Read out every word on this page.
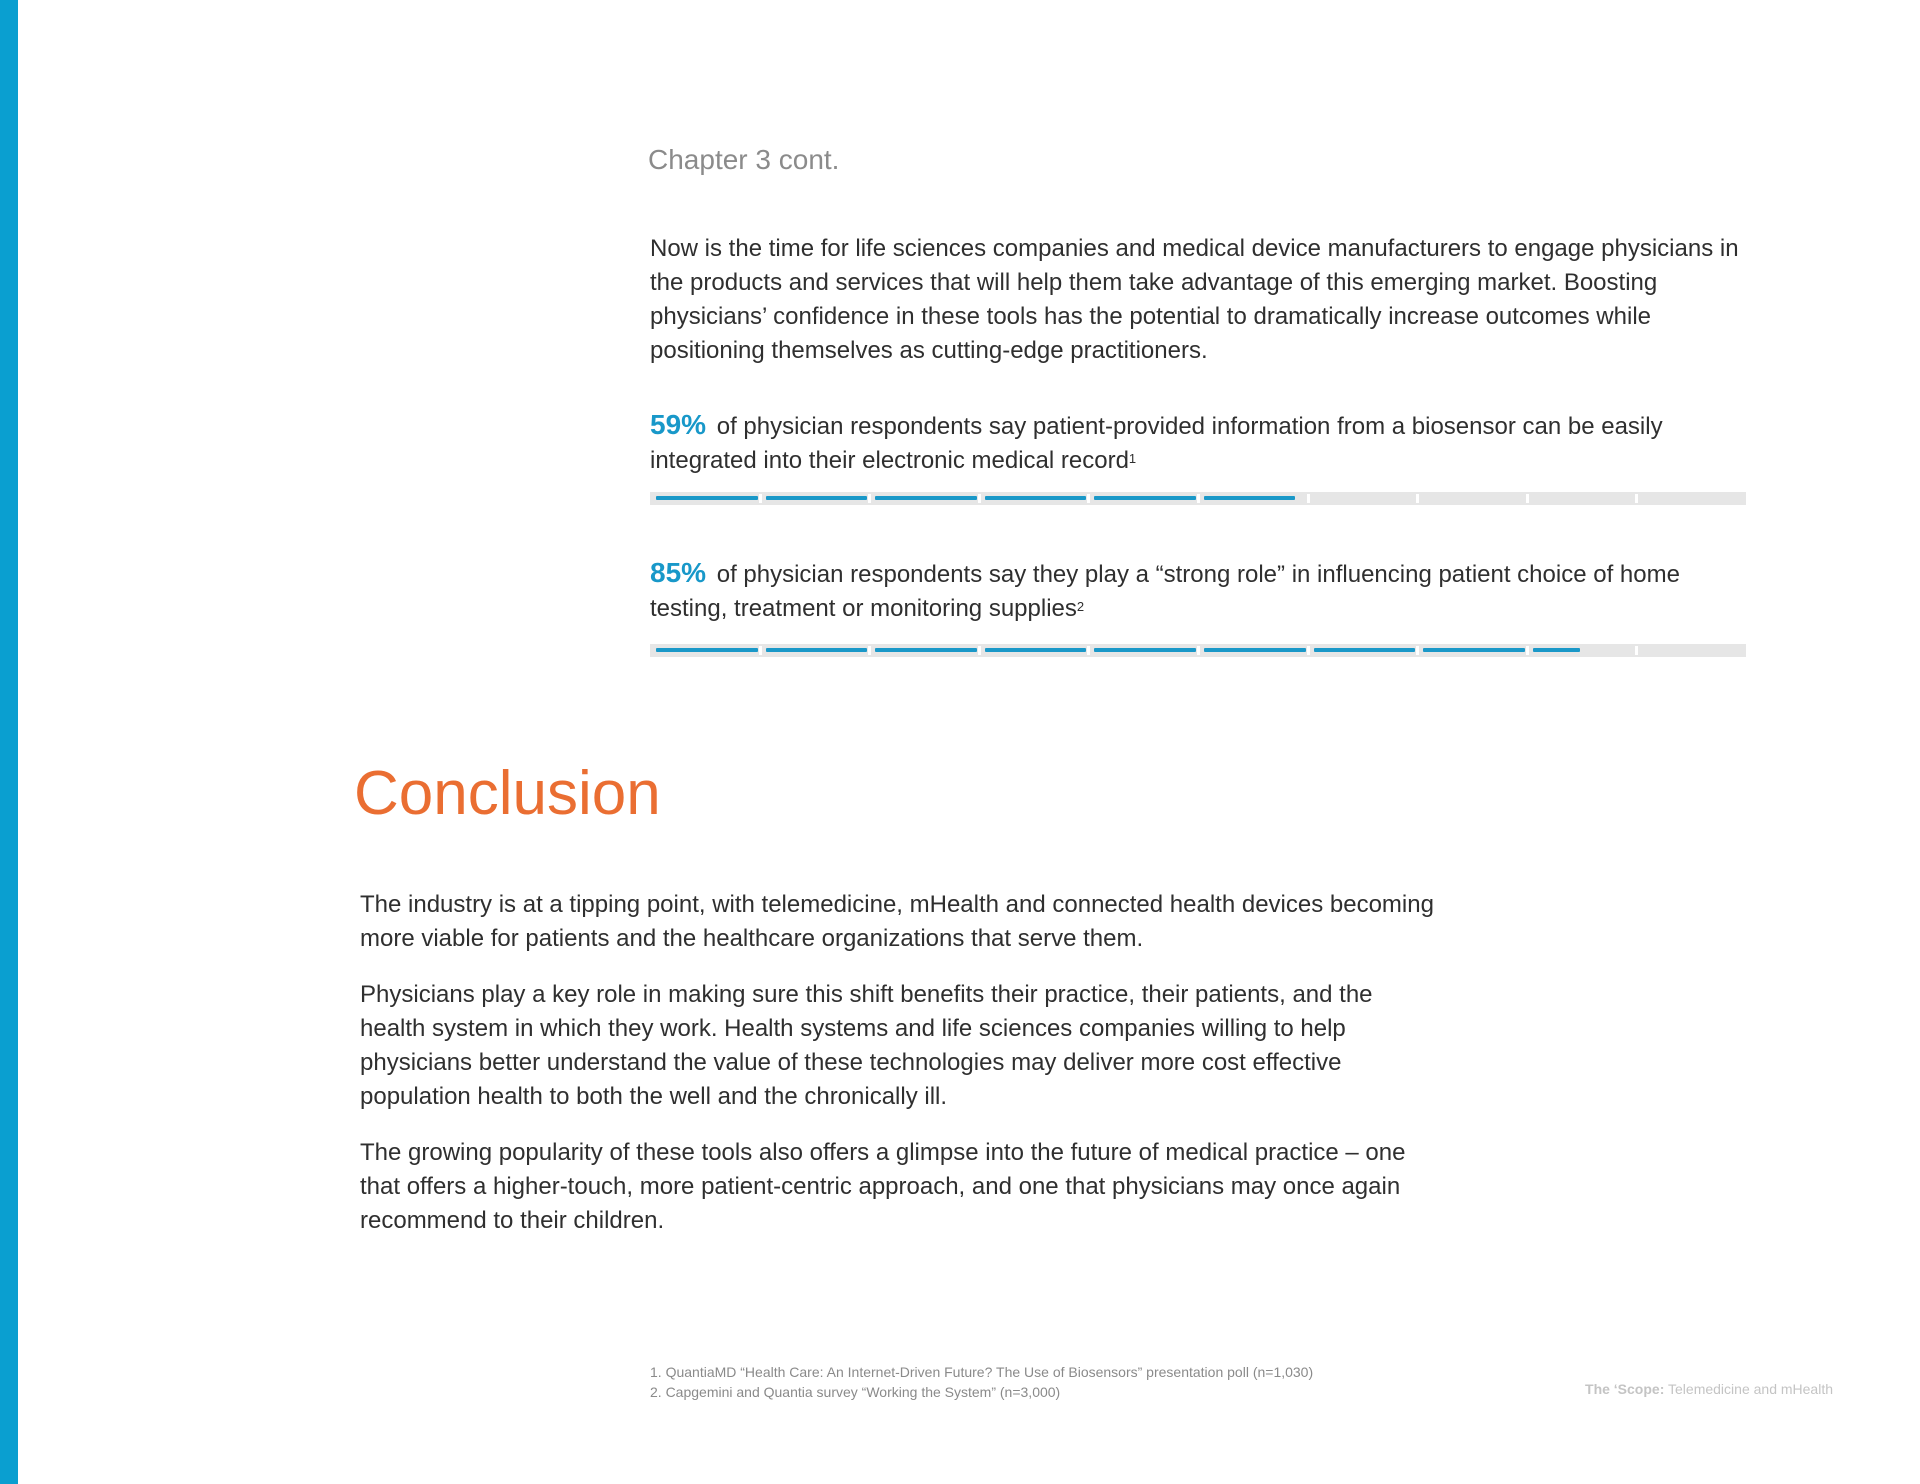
Chapter 3 cont.
Now is the time for life sciences companies and medical device manufacturers to engage physicians in the products and services that will help them take advantage of this emerging market. Boosting physicians’ confidence in these tools has the potential to dramatically increase outcomes while positioning themselves as cutting-edge practitioners.
59% of physician respondents say patient-provided information from a biosensor can be easily integrated into their electronic medical record$^1$
85% of physician respondents say they play a “strong role” in influencing patient choice of home testing, treatment or monitoring supplies$^2$
Conclusion

The industry is at a tipping point, with telemedicine, mHealth and connected health devices becoming more viable for patients and the healthcare organizations that serve them.

Physicians play a key role in making sure this shift benefits their practice, their patients, and the health system in which they work. Health systems and life sciences companies willing to help physicians better understand the value of these technologies may deliver more cost effective population health to both the well and the chronically ill.

The growing popularity of these tools also offers a glimpse into the future of medical practice – one that offers a higher-touch, more patient-centric approach, and one that physicians may once again recommend to their children.

1. QuantiaMD “Health Care: An Internet-Driven Future? The Use of Biosensors” presentation poll (n=1,030)
2. Capgemini and Quantia survey “Working the System” (n=3,000)	The ‘Scope: Telemedicine and mHealth
